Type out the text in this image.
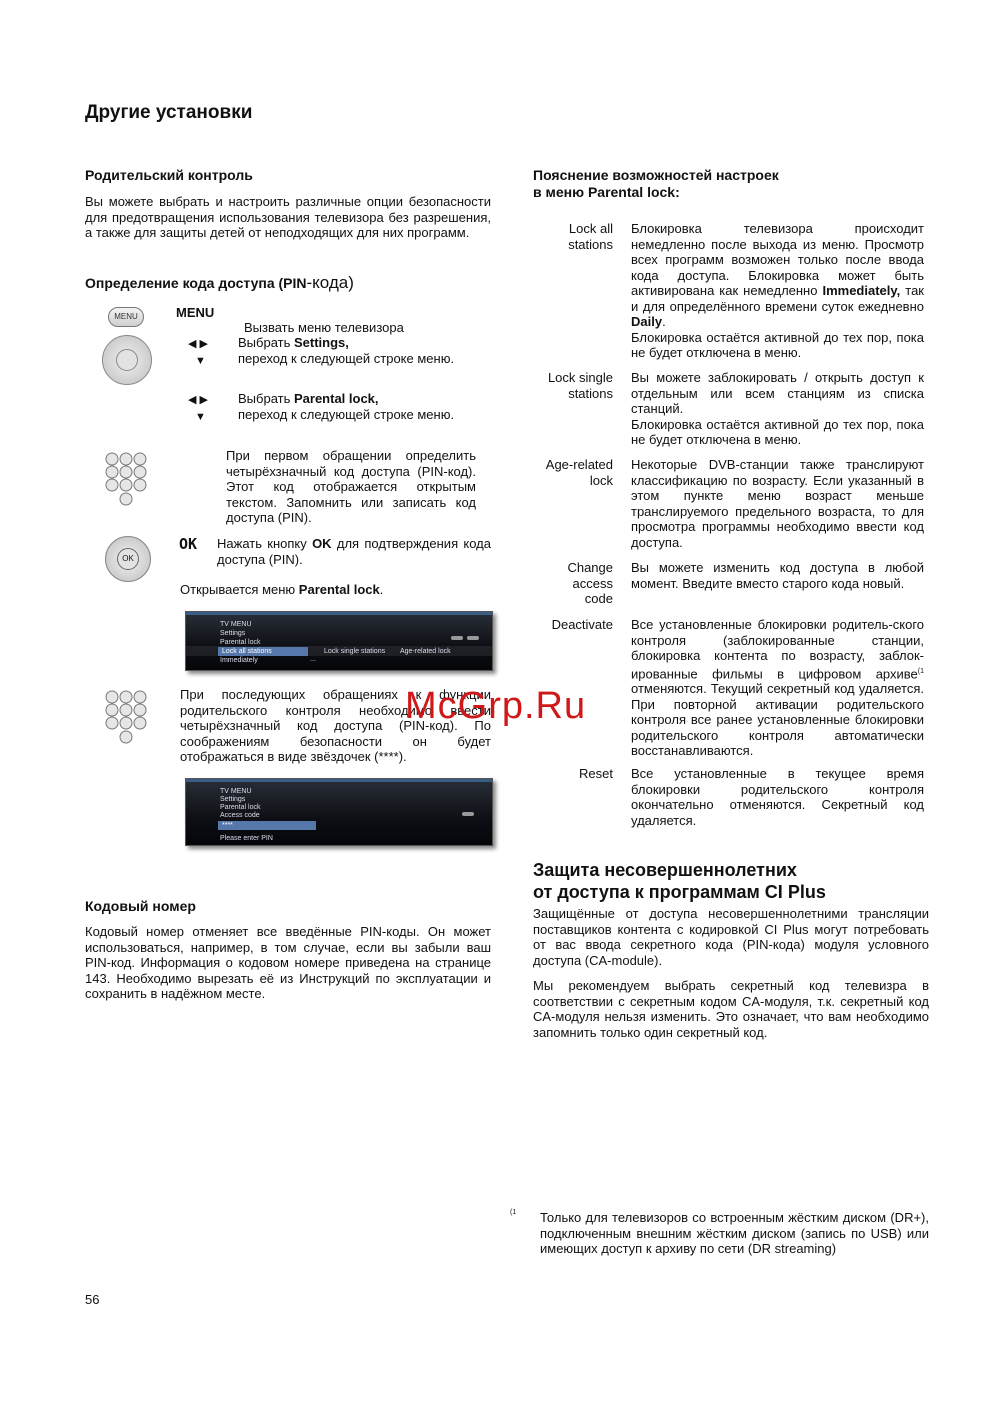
Другие установки
Родительский контроль
Вы можете выбрать и настроить различные опции безопасности для предотвращения использования телевизора без разрешения, а также для защиты детей от неподходящих для них программ.
Определение кода доступа (PIN-кода)
MENU	MENU
Вызвать меню телевизора
◀ ▶
▼
Выбрать Settings,
переход к следующей строке меню.
◀ ▶
▼
Выбрать Parental lock,
переход к следующей строке меню.
При первом обращении определить четырёхзначный код доступа (PIN-код). Этот код отображается открытым текстом. Запомнить или записать код доступа (PIN).
OK
OK Нажать кнопку OK для подтверждения кода доступа (PIN).
Открывается меню Parental lock.
TV MENU
Settings
Parental lock
Lock all stations	Lock single stations Age-related lock
Immediately	...
При последующих обращениях к функции родительского контроля необходимо ввести четырёхзначный код доступа (PIN-код). По соображениям безопасности он будет отображаться в виде звёздочек (****).
TV MENU
Settings
Parental lock
Access code
****
Please enter PIN
Кодовый номер
Кодовый номер отменяет все введённые PIN-коды. Он может использоваться, например, в том случае, если вы забыли ваш PIN-код. Информация о кодовом номере приведена на странице 143. Необходимо вырезать её из Инструкций по эксплуатации и сохранить в надёжном месте.
Пояснение возможностей настроек
в меню Parental lock:
Lock all
stations
Блокировка телевизора происходит немедленно после выхода из меню. Просмотр всех программ возможен только после ввода кода доступа. Блокировка может быть активирована как немедленно Immediately, так и для определённого времени суток ежедневно Daily.
Блокировка остаётся активной до тех пор, пока не будет отключена в меню.
Lock single
stations
Вы можете заблокировать / открыть доступ к отдельным или всем станциям из списка станций.
Блокировка остаётся активной до тех пор, пока не будет отключена в меню.
Age-related
lock
Некоторые DVB-станции также транслируют классификацию по возрасту. Если указанный в этом пункте меню возраст меньше транслируемого предельного возраста, то для просмотра программы необходимо ввести код доступа.
Change
access
code
Вы можете изменить код доступа в любой момент. Введите вместо старого кода новый.
Deactivate Все установленные блокировки родитель-ского контроля (заблокированные станции, блокировка контента по возрасту, заблок-ированные фильмы в цифровом архиве$^{(1}$ отменяются. Текущий секретный код удаляется. При повторной активации родительского контроля все ранее установленные блокировки родительского контроля автоматически восстанавливаются.
Reset Все установленные в текущее время блокировки родительского контроля окончательно отменяются. Секретный код удаляется.
Защита несовершеннолетних
от доступа к программам CI Plus
Защищённые от доступа несовершеннолетними трансляции поставщиков контента с кодировкой CI Plus могут потребовать от вас ввода секретного кода (PIN-кода) модуля условного доступа (CA-module).
Мы рекомендуем выбрать секретный код телевизра в соответствии с секретным кодом CA-модуля, т.к. секретный код CA-модуля нельзя изменить. Это означает, что вам необходимо запомнить только один секретный код.
(1 Только для телевизоров со встроенным жёстким диском (DR+), подключенным внешним жёстким диском (запись по USB) или имеющих доступ к архиву по сети (DR streaming)
56
McGrp.Ru
